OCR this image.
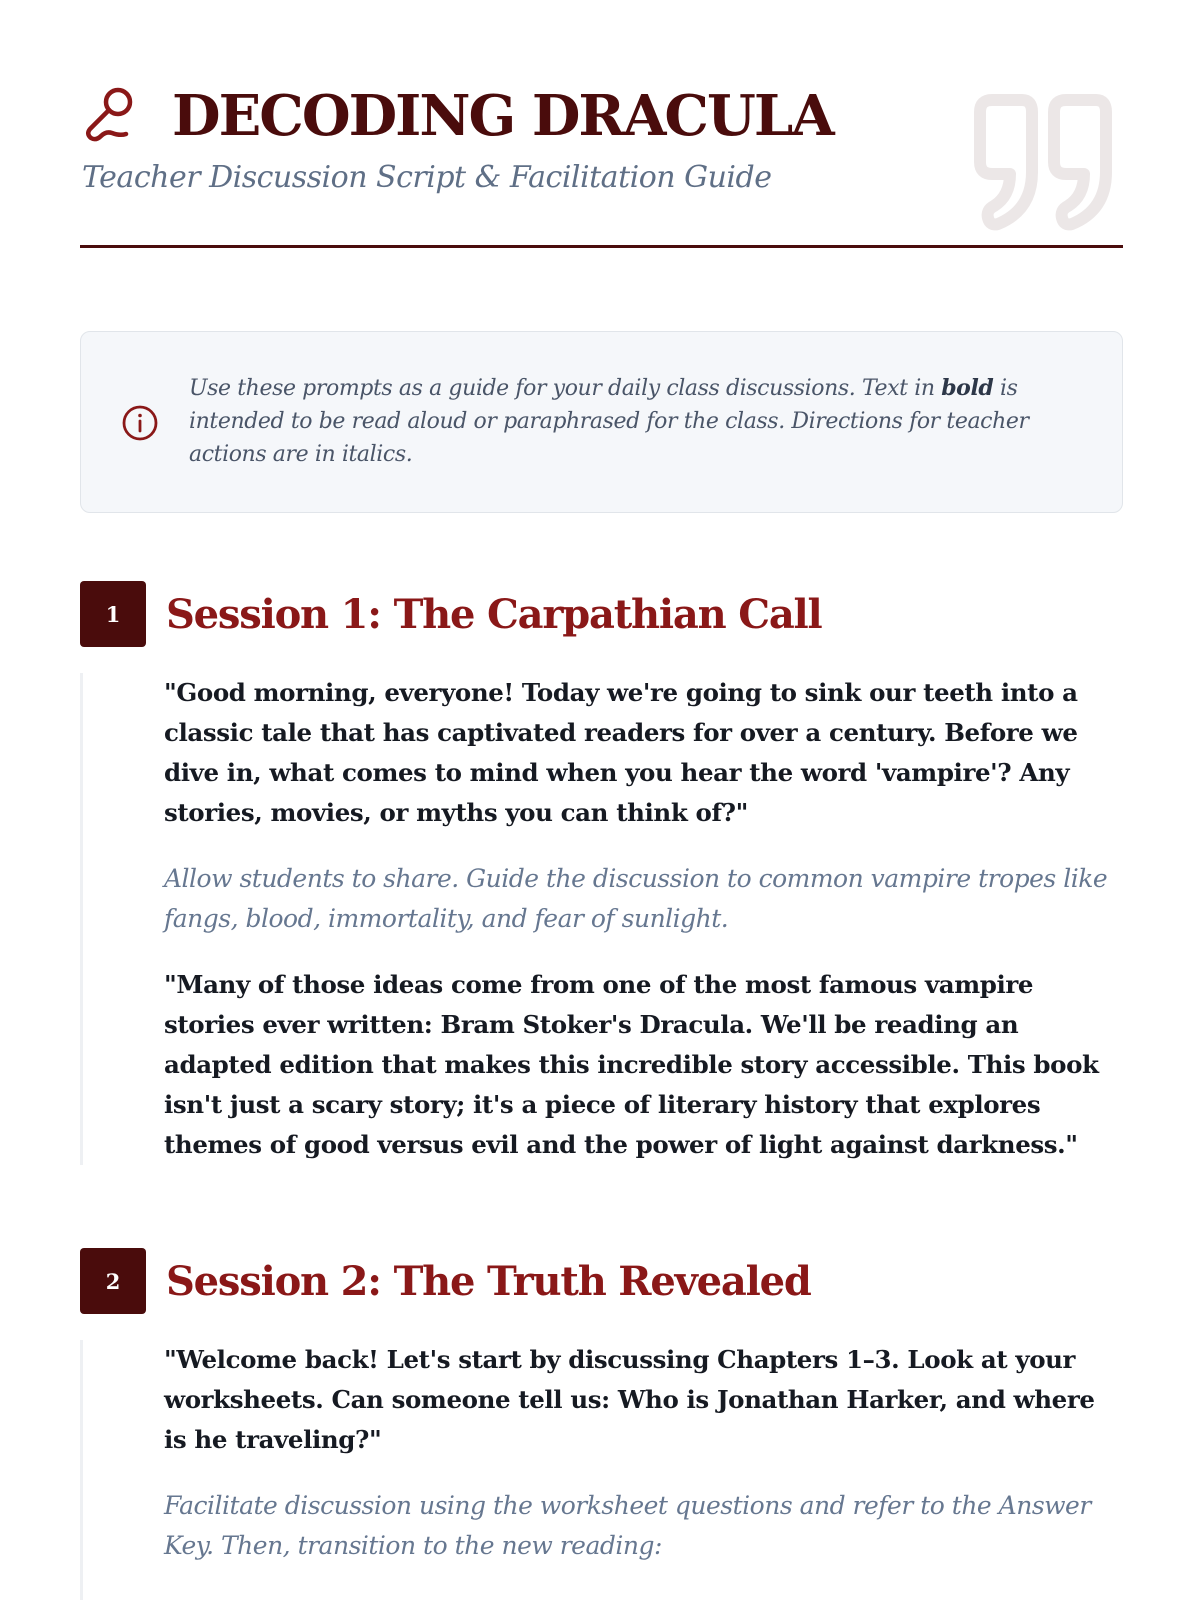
DECODING DRACULA
Teacher Discussion Script & Facilitation Guide
Use these prompts as a guide for your daily class discussions. Text in bold is intended to be read aloud or paraphrased for the class. Directions for teacher actions are in italics.
1	Session 1: The Carpathian Call
"Good morning, everyone! Today we're going to sink our teeth into a classic tale that has captivated readers for over a century. Before we dive in, what comes to mind when you hear the word 'vampire'? Any stories, movies, or myths you can think of?"
Allow students to share. Guide the discussion to common vampire tropes like fangs, blood, immortality, and fear of sunlight.
"Many of those ideas come from one of the most famous vampire stories ever written: Bram Stoker's Dracula. We'll be reading an adapted edition that makes this incredible story accessible. This book isn't just a scary story; it's a piece of literary history that explores themes of good versus evil and the power of light against darkness."
2	Session 2: The Truth Revealed
"Welcome back! Let's start by discussing Chapters 1–3. Look at your worksheets. Can someone tell us: Who is Jonathan Harker, and where is he traveling?"
Facilitate discussion using the worksheet questions and refer to the Answer Key. Then, transition to the new reading:
